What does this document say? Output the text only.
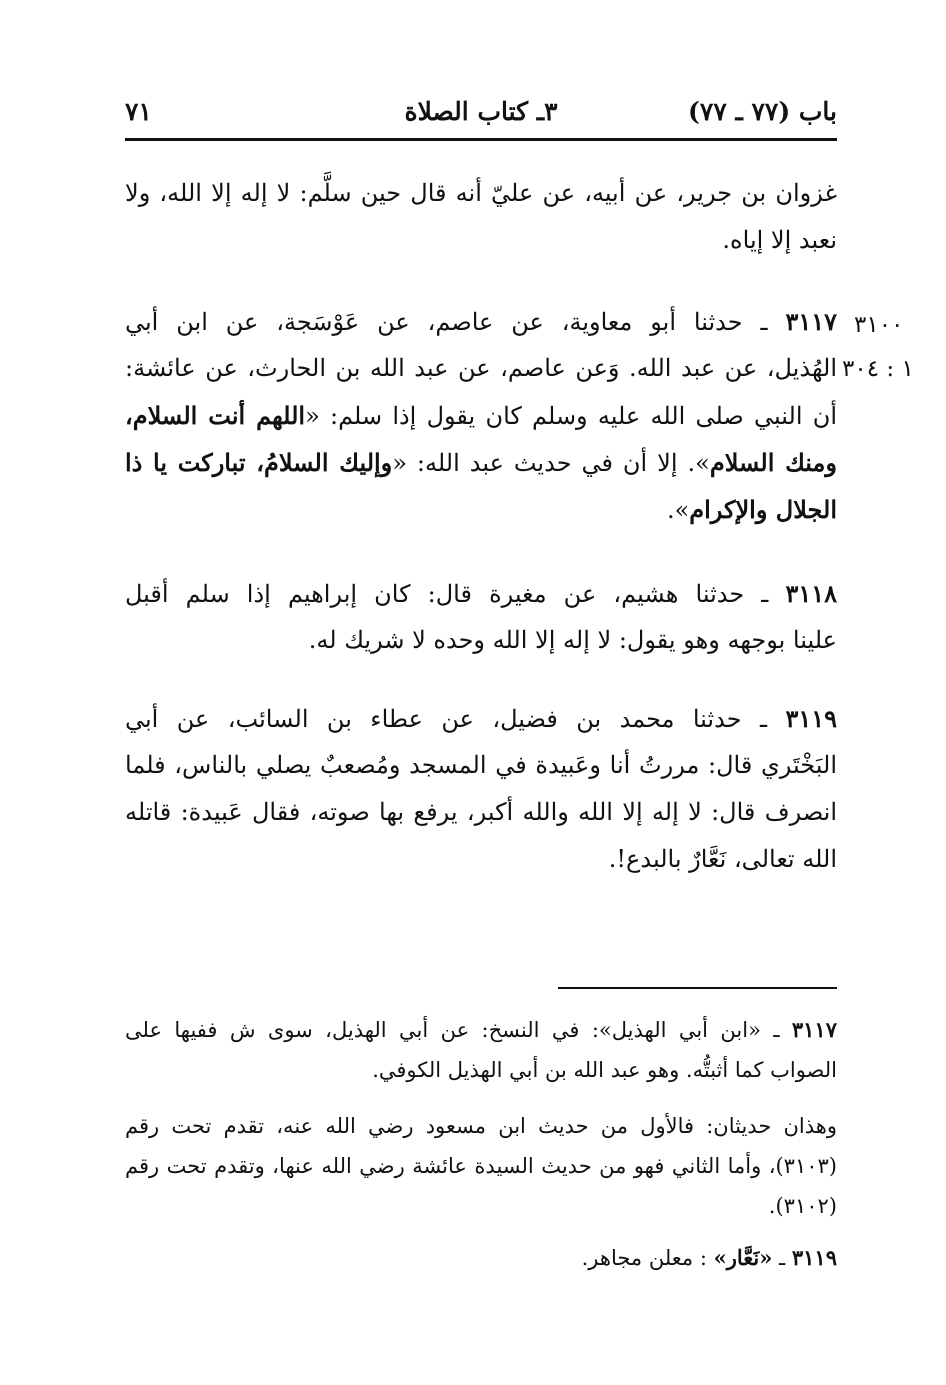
٧١	٣ـ كتاب الصلاة	باب (٧٧ ـ ٧٧)
غزوان بن جرير، عن أبيه، عن عليّ أنه قال حين سلَّم: لا إله إلا الله، ولا
نعبد إلا إياه.
٣١٠٠
١ : ٣٠٤
٣١١٧ ـ حدثنا أبو معاوية، عن عاصم، عن عَوْسَجة، عن ابن أبي
الهُذيل، عن عبد الله. وَعن عاصم، عن عبد الله بن الحارث، عن عائشة:
أن النبي صلى الله عليه وسلم كان يقول إذا سلم: «اللهم أنت السلام،
ومنك السلام». إلا أن في حديث عبد الله: «وإليك السلامُ، تباركت يا ذا
الجلال والإكرام».
٣١١٨ ـ حدثنا هشيم، عن مغيرة قال: كان إبراهيم إذا سلم أقبل
علينا بوجهه وهو يقول: لا إله إلا الله وحده لا شريك له.
٣١١٩ ـ حدثنا محمد بن فضيل، عن عطاء بن السائب، عن أبي
البَخْتَري قال: مررتُ أنا وعَبيدة في المسجد ومُصعبٌ يصلي بالناس، فلما
انصرف قال: لا إله إلا الله والله أكبر، يرفع بها صوته، فقال عَبيدة: قاتله
الله تعالى، نَعَّارٌ بالبدع!.
٣١١٧ ـ «ابن أبي الهذيل»: في النسخ: عن أبي الهذيل، سوى ش ففيها على
الصواب كما أثبتُّه. وهو عبد الله بن أبي الهذيل الكوفي.
وهذان حديثان: فالأول من حديث ابن مسعود رضي الله عنه، تقدم تحت رقم
(٣١٠٣)، وأما الثاني فهو من حديث السيدة عائشة رضي الله عنها، وتقدم تحت رقم
(٣١٠٢).
٣١١٩ ـ «نَعَّار» : معلن مجاهر.
